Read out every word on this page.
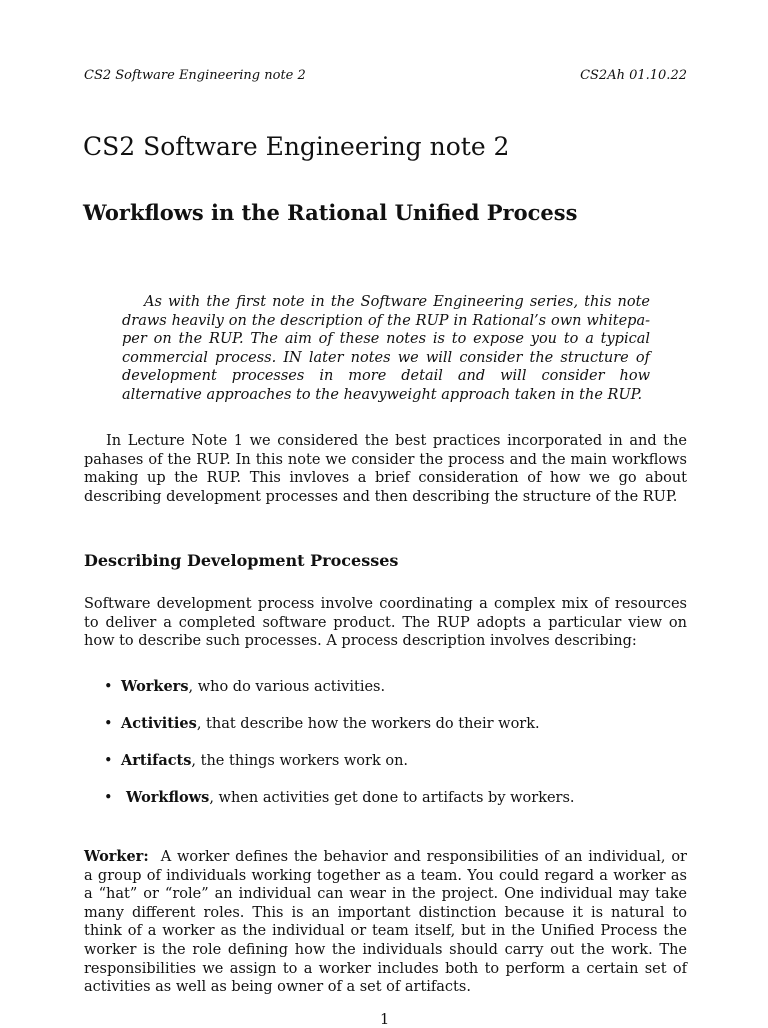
CS2 Software Engineering note 2	CS2Ah 01.10.22
CS2 Software Engineering note 2
Workflows in the Rational Unified Process

As with the first note in the Software Engineering series, this note draws heavily on the description of the RUP in Rational’s own whitepaper on the RUP. The aim of these notes is to expose you to a typical commercial process. IN later notes we will consider the structure of development processes in more detail and will consider how alternative approaches to the heavyweight approach taken in the RUP.

In Lecture Note 1 we considered the best practices incorporated in and the pahases of the RUP. In this note we consider the process and the main workflows making up the RUP. This invloves a brief consideration of how we go about describing development processes and then describing the structure of the RUP.

Describing Development Processes

Software development process involve coordinating a complex mix of resources to deliver a completed software product. The RUP adopts a particular view on how to describe such processes. A process description involves describing:

• Workers, who do various activities.
• Activities, that describe how the workers do their work.
• Artifacts, the things workers work on.
• Workflows, when activities get done to artifacts by workers.

Worker: A worker defines the behavior and responsibilities of an individual, or a group of individuals working together as a team. You could regard a worker as a “hat” or “role” an individual can wear in the project. One individual may take many different roles. This is an important distinction because it is natural to think of a worker as the individual or team itself, but in the Unified Process the worker is the role defining how the individuals should carry out the work. The responsibilities we assign to a worker includes both to perform a certain set of activities as well as being owner of a set of artifacts.

1
